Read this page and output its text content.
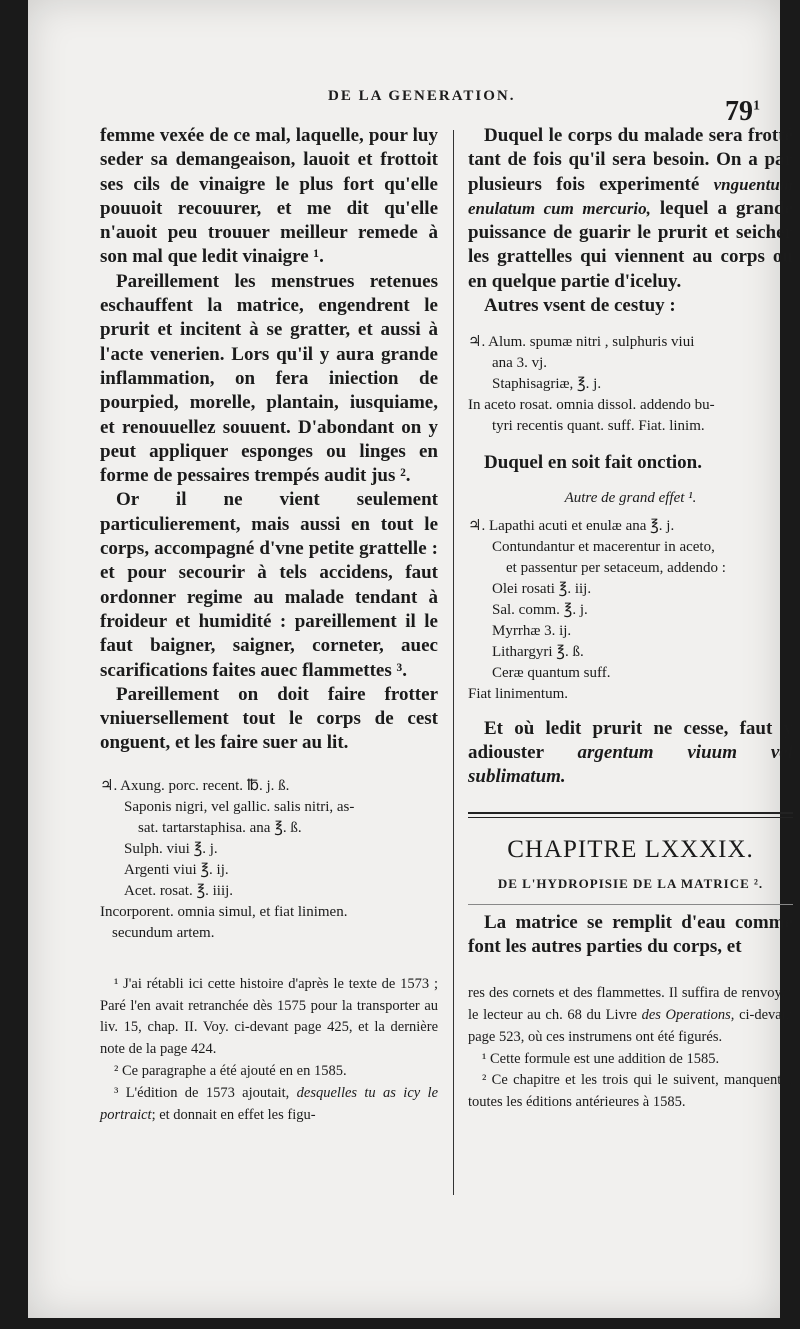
DE LA GENERATION.	$79^1$

femme vexée de ce mal, laquelle, pour luy seder sa demangeaison, lauoit et frottoit ses cils de vinaigre le plus fort qu'elle pouuoit recouurer, et me dit qu'elle n'auoit peu trouuer meilleur remede à son mal que ledit vinaigre ¹.

Pareillement les menstrues retenues eschauffent la matrice, engendrent le prurit et incitent à se gratter, et aussi à l'acte venerien. Lors qu'il y aura grande inflammation, on fera iniection de pourpied, morelle, plantain, iusquiame, et renouuellez souuent. D'abondant on y peut appliquer esponges ou linges en forme de pessaires trempés audit jus ².

Or il ne vient seulement particulierement, mais aussi en tout le corps, accompagné d'vne petite grattelle : et pour secourir à tels accidens, faut ordonner regime au malade tendant à froideur et humidité : pareillement il le faut baigner, saigner, corneter, auec scarifications faites auec flammettes ³.

Pareillement on doit faire frotter vniuersellement tout le corps de cest onguent, et les faire suer au lit.

♃. Axung. porc. recent. ℔. j. ß.
Saponis nigri, vel gallic. salis nitri, as-
sat. tartarstaphisa. ana ℥. ß.
Sulph. viui ℥. j.
Argenti viui ℥. ij.
Acet. rosat. ℥. iiij.
Incorporent. omnia simul, et fiat linimen.
secundum artem.

¹ J'ai rétabli ici cette histoire d'après le texte de 1573 ; Paré l'en avait retranchée dès 1575 pour la transporter au liv. 15, chap. II. Voy. ci-devant page 425, et la dernière note de la page 424.

² Ce paragraphe a été ajouté en en 1585.

³ L'édition de 1573 ajoutait, desquelles tu as icy le portraict; et donnait en effet les figu-

Duquel le corps du malade sera frotté tant de fois qu'il sera besoin. On a par plusieurs fois experimenté vnguentum enulatum cum mercurio, lequel a grande puissance de guarir le prurit et seicher les grattelles qui viennent au corps ou en quelque partie d'iceluy.

Autres vsent de cestuy :

♃. Alum. spumæ nitri , sulphuris viui
ana 3. vj.
Staphisagriæ, ℥. j.
In aceto rosat. omnia dissol. addendo bu-
tyri recentis quant. suff. Fiat. linim.

Duquel en soit fait onction.

Autre de grand effet ¹.

♃. Lapathi acuti et enulæ ana ℥. j.
Contundantur et macerentur in aceto,
et passentur per setaceum, addendo :
Olei rosati ℥. iij.
Sal. comm. ℥. j.
Myrrhæ 3. ij.
Lithargyri ℥. ß.
Ceræ quantum suff.
Fiat linimentum.

Et où ledit prurit ne cesse, faut y adiouster argentum viuum vel sublimatum.

CHAPITRE LXXXIX.
DE L'HYDROPISIE DE LA MATRICE ².

La matrice se remplit d'eau comme font les autres parties du corps, et

res des cornets et des flammettes. Il suffira de renvoyer le lecteur au ch. 68 du Livre des Operations, ci-devant page 523, où ces instrumens ont été figurés.

¹ Cette formule est une addition de 1585.

² Ce chapitre et les trois qui le suivent, manquent à toutes les éditions antérieures à 1585.
